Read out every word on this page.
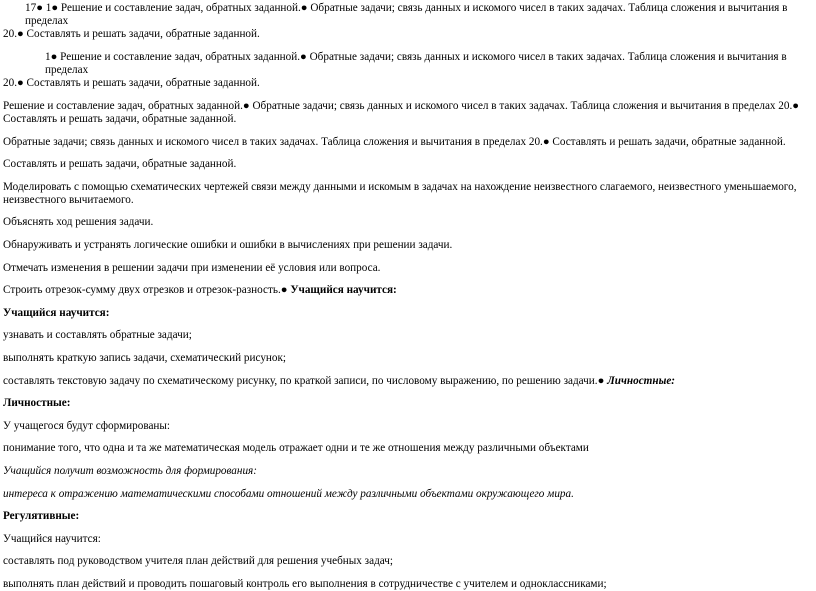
17● 1● Решение и составление задач, обратных заданной.● Обратные задачи; связь данных и искомого чисел в таких задачах. Таблица сложения и вычитания в пределах

20.● Составлять и решать задачи, обратные заданной.

1● Решение и составление задач, обратных заданной.● Обратные задачи; связь данных и искомого чисел в таких задачах. Таблица сложения и вычитания в пределах

20.● Составлять и решать задачи, обратные заданной.

Решение и составление задач, обратных заданной.● Обратные задачи; связь данных и искомого чисел в таких задачах. Таблица сложения и вычитания в пределах 20.● Составлять и решать задачи, обратные заданной.

Обратные задачи; связь данных и искомого чисел в таких задачах. Таблица сложения и вычитания в пределах 20.● Составлять и решать задачи, обратные заданной.

Составлять и решать задачи, обратные заданной.

Моделировать с помощью схематических чертежей связи между данными и искомым в задачах на нахождение неизвестного слагаемого, неизвестного уменьшаемого, неизвестного вычитаемого.

Объяснять ход решения задачи.

Обнаруживать и устранять логические ошибки и ошибки в вычислениях при решении задачи.

Отмечать изменения в решении задачи при изменении её условия или вопроса.

Строить отрезок-сумму двух отрезков и отрезок-разность.● Учащийся научится:

Учащийся научится:

узнавать и составлять обратные задачи;

выполнять краткую запись задачи, схематический рисунок;

составлять текстовую задачу по схематическому рисунку, по краткой записи, по числовому выражению, по решению задачи.● Личностные:

Личностные:

У учащегося будут сформированы:

понимание того, что одна и та же математическая модель отражает одни и те же отношения между различными объектами

Учащийся получит возможность для формирования:

интереса к отражению математическими способами отношений между различными объектами окружающего мира.

Регулятивные:

Учащийся научится:

составлять под руководством учителя план действий для решения учебных задач;

выполнять план действий и проводить пошаговый контроль его выполнения в сотрудничестве с учителем и одноклассниками;
